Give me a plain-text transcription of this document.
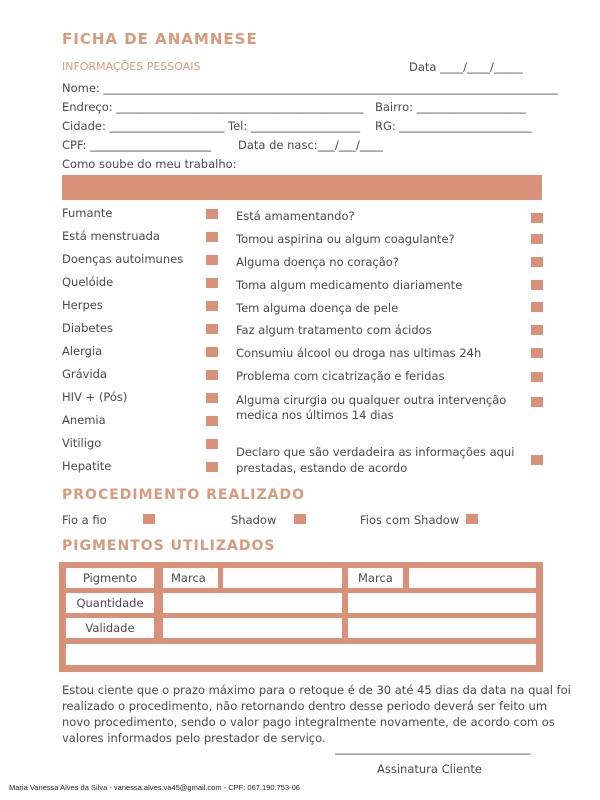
FICHA DE ANAMNESE
INFORMAÇÕES PESSOAIS	Data ____/____/_____
Nome: _______________________________________________________________________________
Endreço: ___________________________________________ Bairro: ___________________
Cidade: ____________________ Tel: ___________________ RG: _______________________
CPF: _____________________ Data de nasc:___/___/____
Como soube do meu trabalho:
Fumante
Está menstruada
Doenças autoimunes
Quelóide
Herpes
Diabetes
Alergia
Grávida
HIV + (Pós)
Anemia
Vitiligo
Hepatite
Está amamentando?
Tomou aspirina ou algum coagulante?
Alguma doença no coração?
Toma algum medicamento diariamente
Tem alguma doença de pele
Faz algum tratamento com ácidos
Consumiu álcool ou droga nas ultimas 24h
Problema com cicatrização e feridas
Alguma cirurgia ou qualquer outra intervenção
medica nos últimos 14 dias
Declaro que são verdadeira as informações aqui
prestadas, estando de acordo
PROCEDIMENTO REALIZADO
Fio a fio	Shadow	Fios com Shadow
PIGMENTOS UTILIZADOS
Pigmento	Marca	Marca
Quantidade
Validade
Estou ciente que o prazo máximo para o retoque é de 30 até 45 dias da data na qual foi
realizado o procedimento, não retornando dentro desse periodo deverá ser feito um
novo procedimento, sendo o valor pago integralmente novamente, de acordo com os
valores informados pelo prestador de serviço.
__________________________________
Assinatura Cliente
Maria Vanessa Alves da Silva - vanessa.alves.va45@gmail.com - CPF: 067.190.753-06
